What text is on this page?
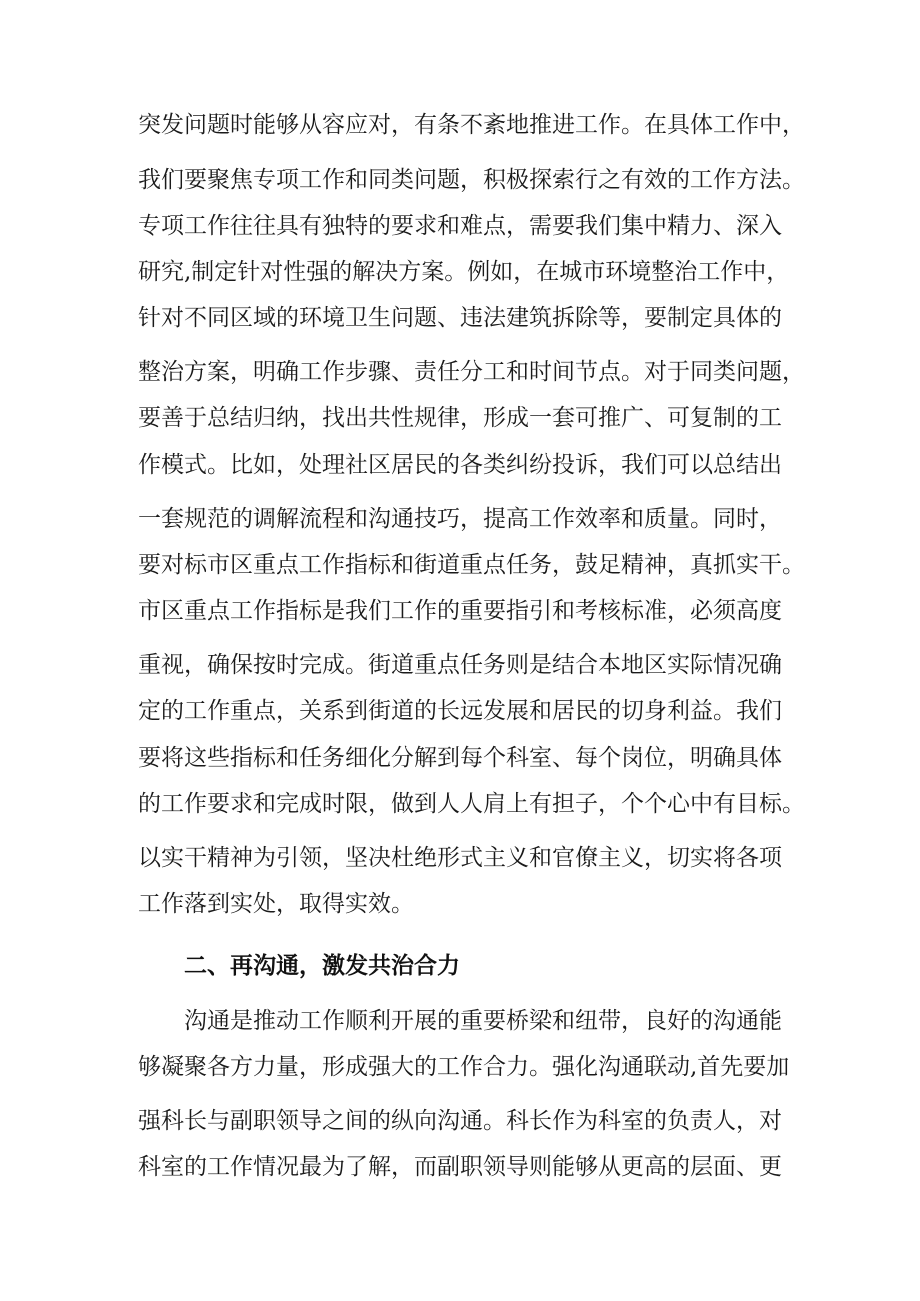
突发问题时能够从容应对，有条不紊地推进工作。在具体工作中，
我们要聚焦专项工作和同类问题，积极探索行之有效的工作方法。
专项工作往往具有独特的要求和难点，需要我们集中精力、深入
研究,制定针对性强的解决方案。例如，在城市环境整治工作中，
针对不同区域的环境卫生问题、违法建筑拆除等，要制定具体的
整治方案，明确工作步骤、责任分工和时间节点。对于同类问题，
要善于总结归纳，找出共性规律，形成一套可推广、可复制的工
作模式。比如，处理社区居民的各类纠纷投诉，我们可以总结出
一套规范的调解流程和沟通技巧，提高工作效率和质量。同时，
要对标市区重点工作指标和街道重点任务，鼓足精神，真抓实干。
市区重点工作指标是我们工作的重要指引和考核标准，必须高度
重视，确保按时完成。街道重点任务则是结合本地区实际情况确
定的工作重点，关系到街道的长远发展和居民的切身利益。我们
要将这些指标和任务细化分解到每个科室、每个岗位，明确具体
的工作要求和完成时限，做到人人肩上有担子，个个心中有目标。
以实干精神为引领，坚决杜绝形式主义和官僚主义，切实将各项
工作落到实处，取得实效。
二、再沟通，激发共治合力
沟通是推动工作顺利开展的重要桥梁和纽带，良好的沟通能
够凝聚各方力量，形成强大的工作合力。强化沟通联动,首先要加
强科长与副职领导之间的纵向沟通。科长作为科室的负责人，对
科室的工作情况最为了解，而副职领导则能够从更高的层面、更
